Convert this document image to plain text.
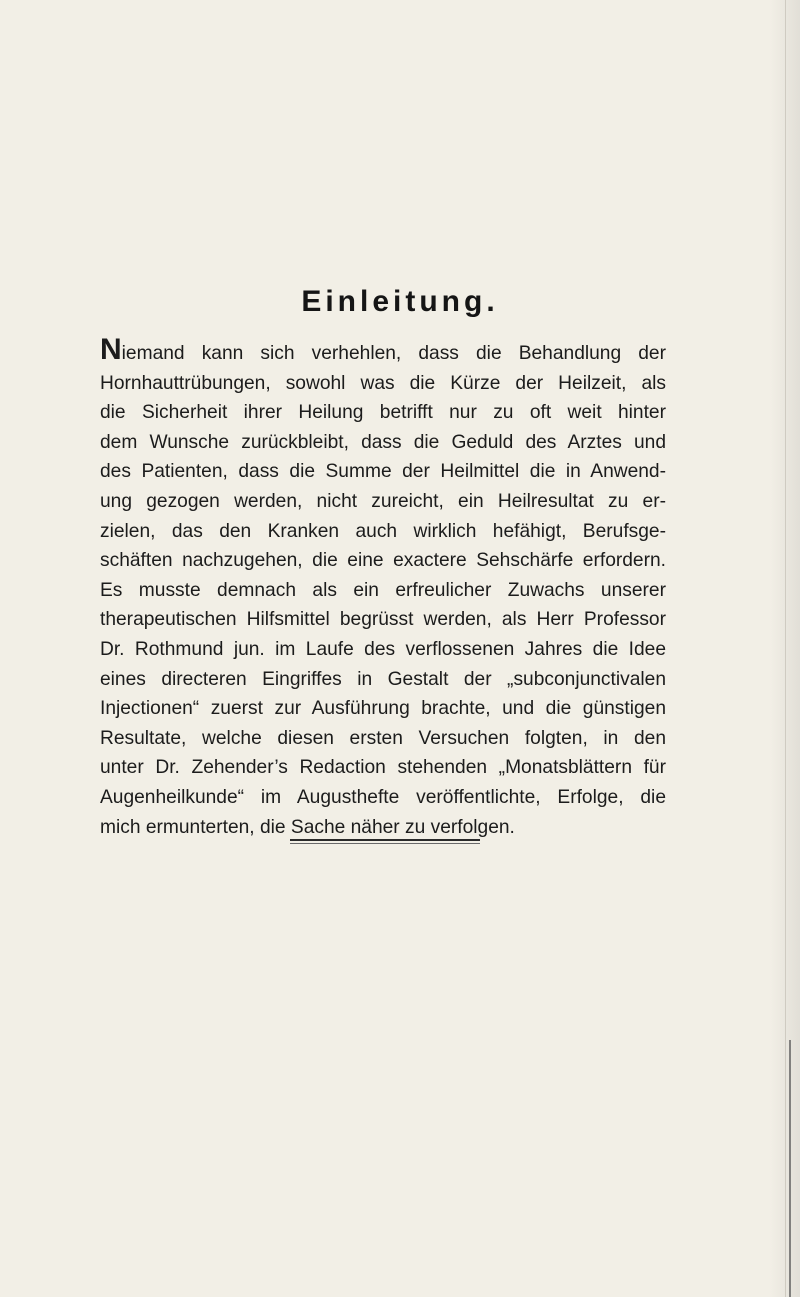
Einleitung.
Niemand kann sich verhehlen, dass die Behandlung der
Hornhauttrübungen, sowohl was die Kürze der Heilzeit, als
die Sicherheit ihrer Heilung betrifft nur zu oft weit hinter
dem Wunsche zurückbleibt, dass die Geduld des Arztes und
des Patienten, dass die Summe der Heilmittel die in Anwend-
ung gezogen werden, nicht zureicht, ein Heilresultat zu er-
zielen, das den Kranken auch wirklich hefähigt, Berufsge-
schäften nachzugehen, die eine exactere Sehschärfe erfordern.
Es musste demnach als ein erfreulicher Zuwachs unserer
therapeutischen Hilfsmittel begrüsst werden, als Herr Professor
Dr. Rothmund jun. im Laufe des verflossenen Jahres die Idee
eines directeren Eingriffes in Gestalt der „subconjunctivalen
Injectionen“ zuerst zur Ausführung brachte, und die günstigen
Resultate, welche diesen ersten Versuchen folgten, in den
unter Dr. Zehender’s Redaction stehenden „Monatsblättern für
Augenheilkunde“ im Augusthefte veröffentlichte, Erfolge, die
mich ermunterten, die Sache näher zu verfolgen.
